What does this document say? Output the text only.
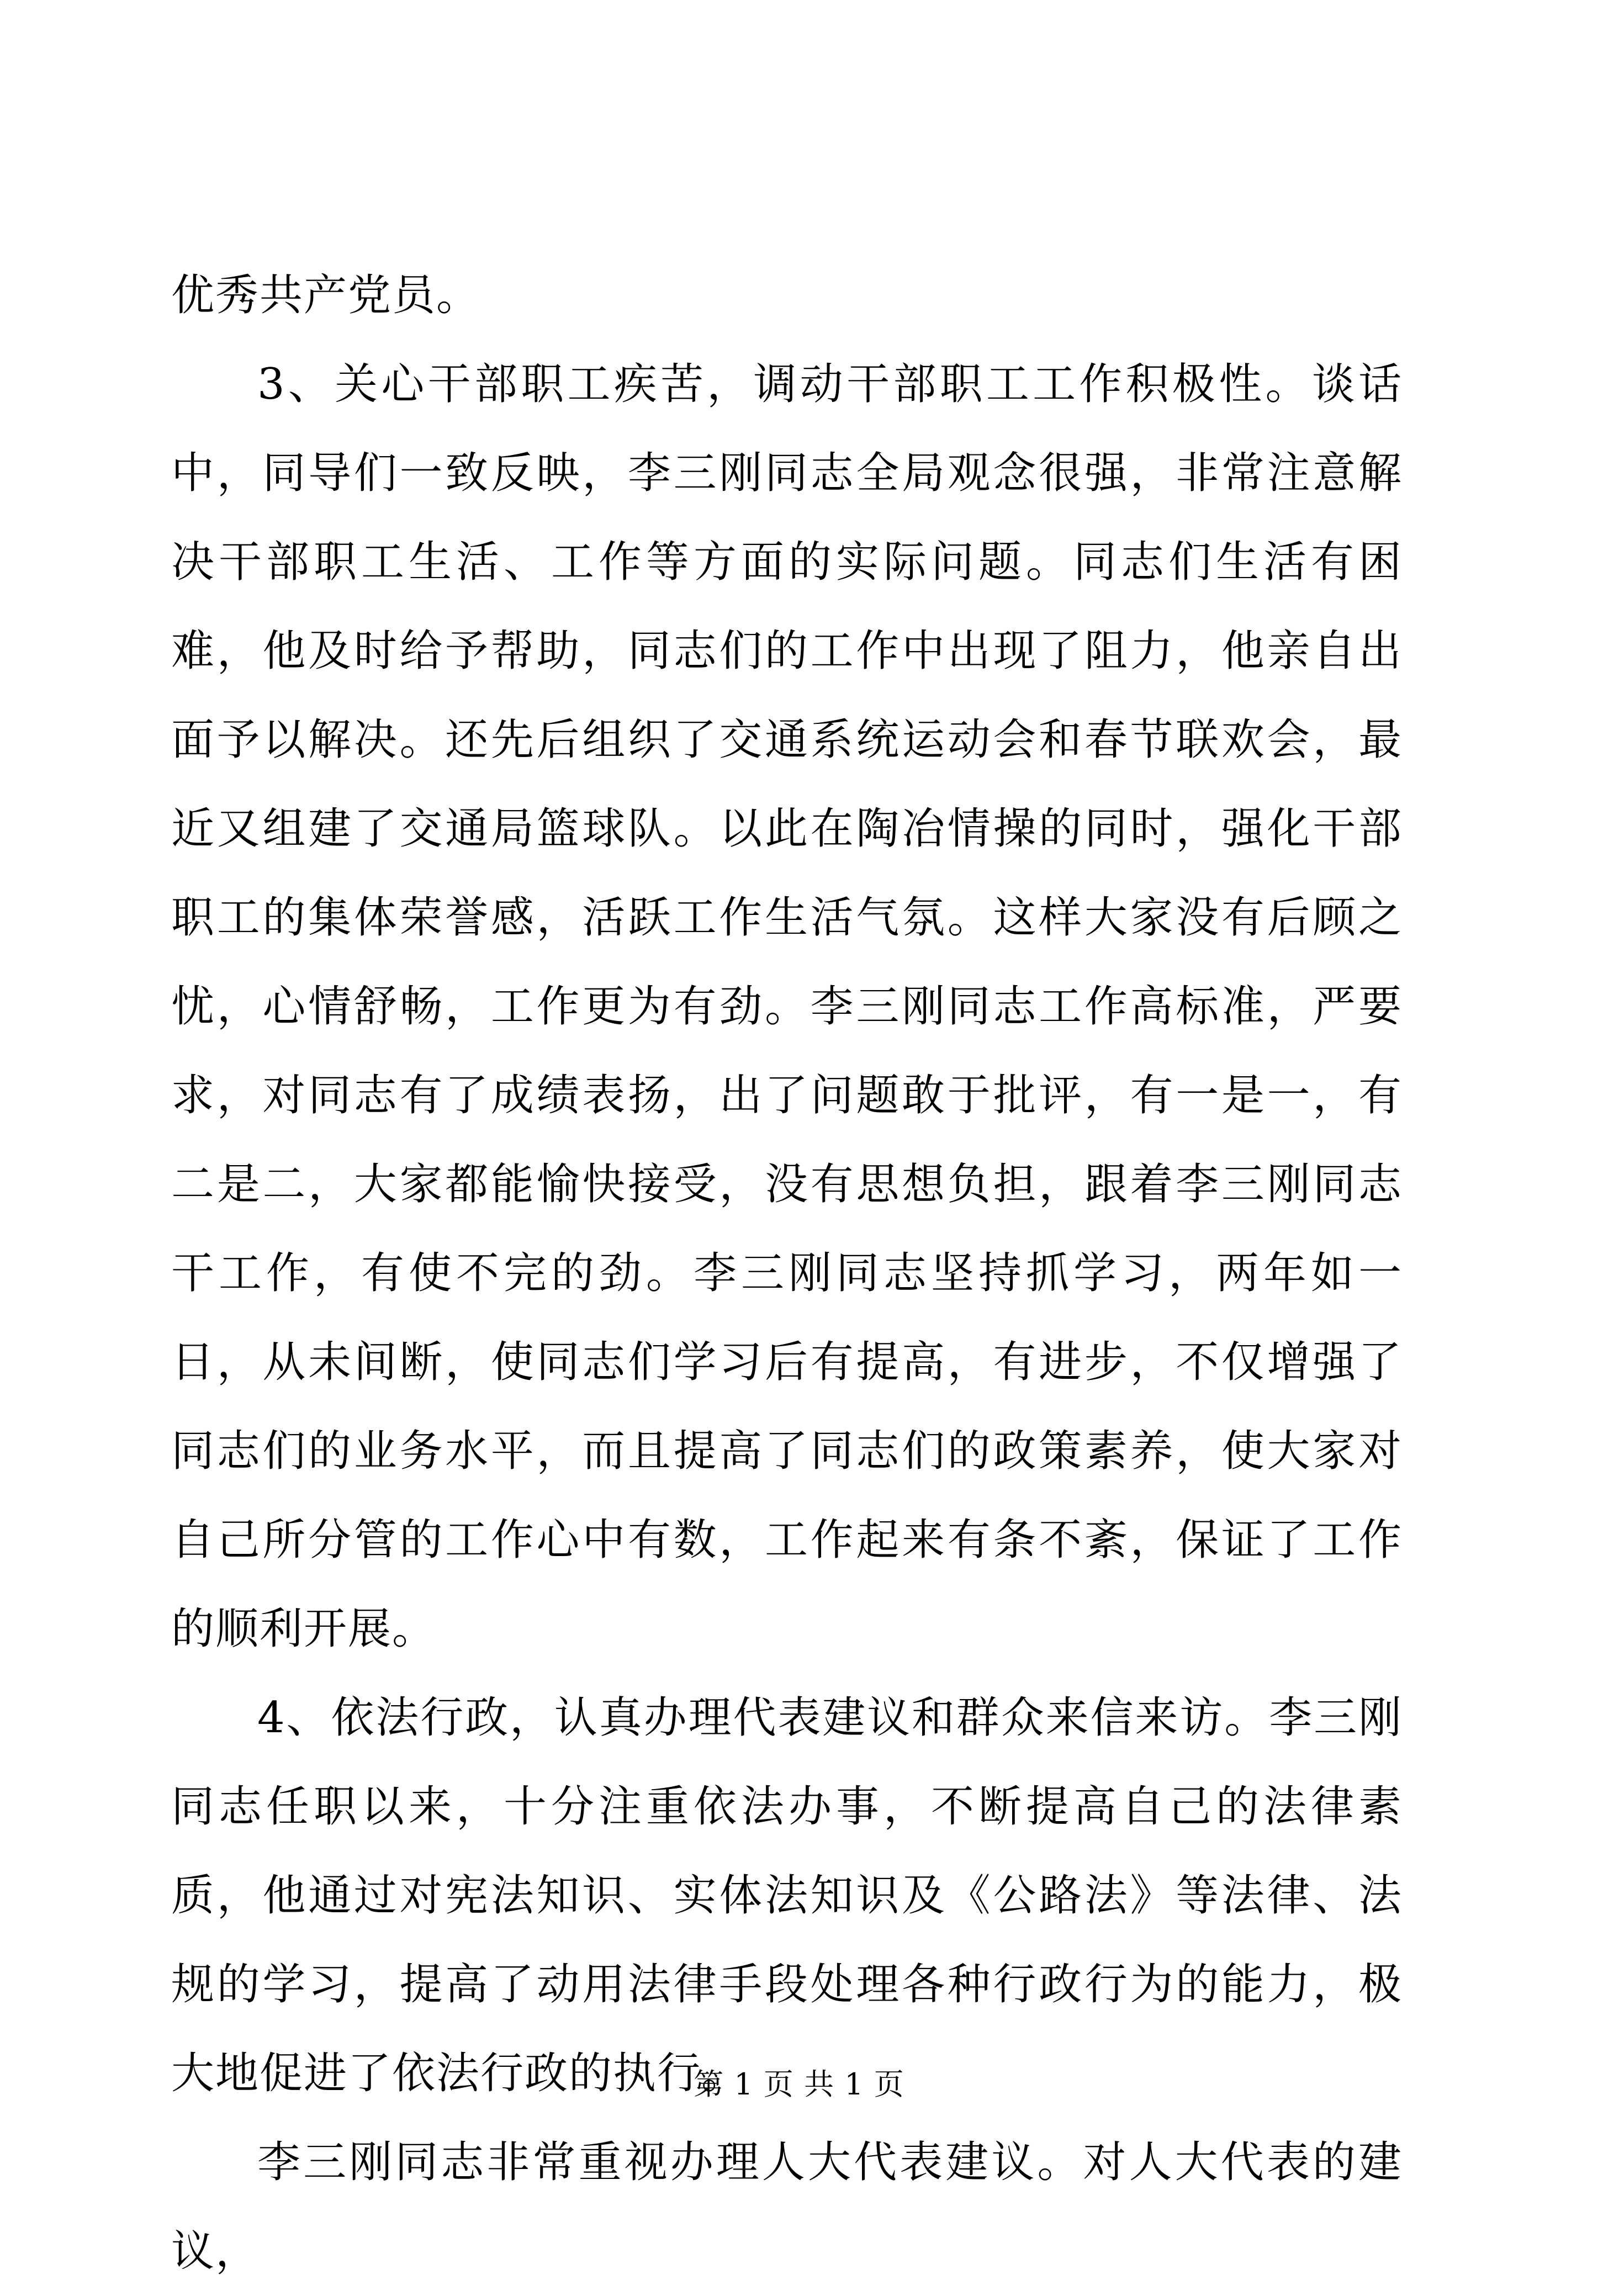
优秀共产党员。

3、关心干部职工疾苦，调动干部职工工作积极性。谈话中，同导们一致反映，李三刚同志全局观念很强，非常注意解决干部职工生活、工作等方面的实际问题。同志们生活有困难，他及时给予帮助，同志们的工作中出现了阻力，他亲自出面予以解决。还先后组织了交通系统运动会和春节联欢会，最近又组建了交通局篮球队。以此在陶冶情操的同时，强化干部职工的集体荣誉感，活跃工作生活气氛。这样大家没有后顾之忧，心情舒畅，工作更为有劲。李三刚同志工作高标准，严要求，对同志有了成绩表扬，出了问题敢于批评，有一是一，有二是二，大家都能愉快接受，没有思想负担，跟着李三刚同志干工作，有使不完的劲。李三刚同志坚持抓学习，两年如一日，从未间断，使同志们学习后有提高，有进步，不仅增强了同志们的业务水平，而且提高了同志们的政策素养，使大家对自己所分管的工作心中有数，工作起来有条不紊，保证了工作的顺利开展。

4、依法行政，认真办理代表建议和群众来信来访。李三刚同志任职以来，十分注重依法办事，不断提高自己的法律素质，他通过对宪法知识、实体法知识及《公路法》等法律、法规的学习，提高了动用法律手段处理各种行政行为的能力，极大地促进了依法行政的执行。

李三刚同志非常重视办理人大代表建议。对人大代表的建议，

第 1 页 共 1 页
